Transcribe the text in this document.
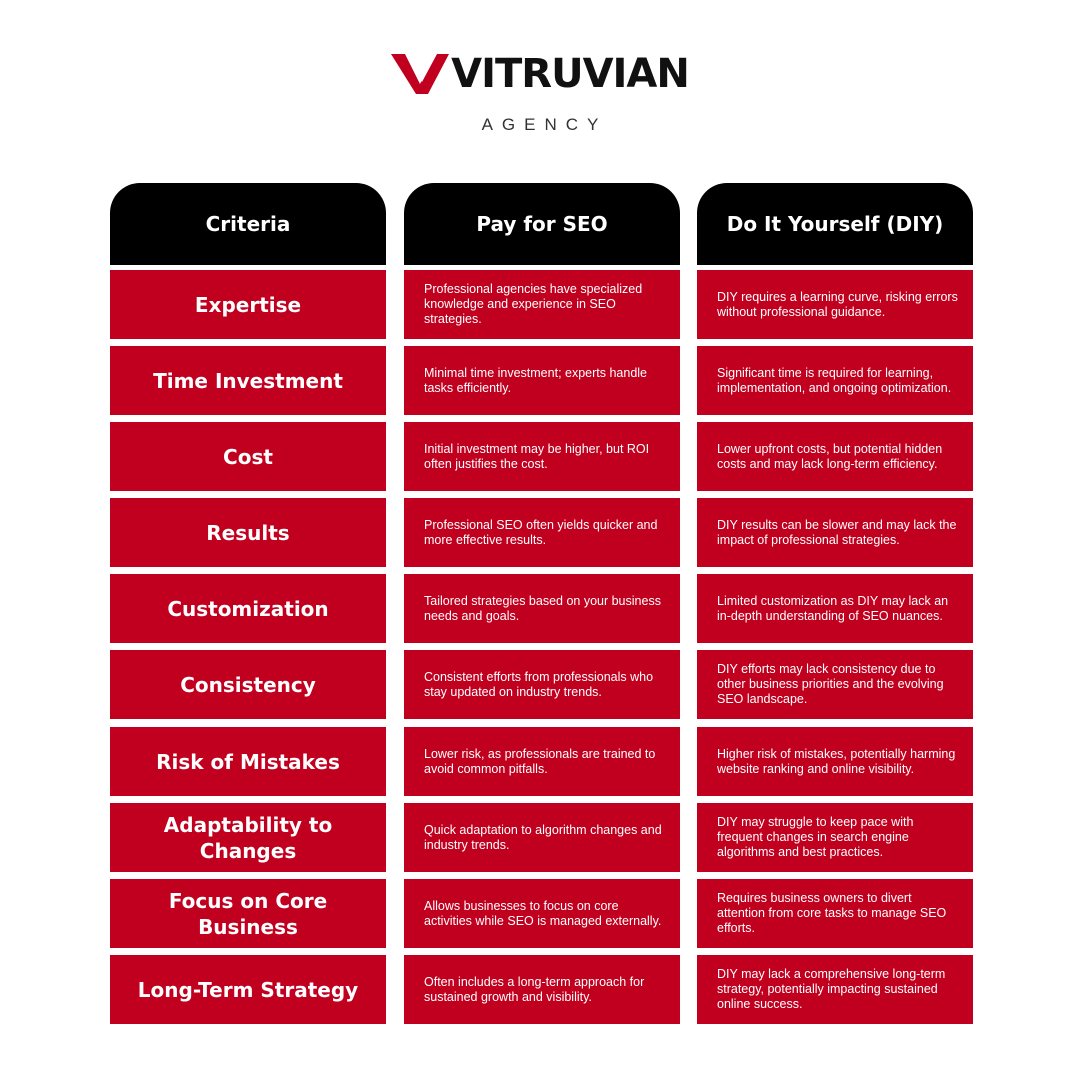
VITRUVIAN
AGENCY
Criteria
Expertise
Time Investment
Cost
Results
Customization
Consistency
Risk of Mistakes
Adaptability to Changes
Focus on Core Business
Long-Term Strategy
Pay for SEO
Professional agencies have specialized knowledge and experience in SEO strategies.
Minimal time investment; experts handle tasks efficiently.
Initial investment may be higher, but ROI often justifies the cost.
Professional SEO often yields quicker and more effective results.
Tailored strategies based on your business needs and goals.
Consistent efforts from professionals who stay updated on industry trends.
Lower risk, as professionals are trained to avoid common pitfalls.
Quick adaptation to algorithm changes and industry trends.
Allows businesses to focus on core activities while SEO is managed externally.
Often includes a long-term approach for sustained growth and visibility.
Do It Yourself (DIY)
DIY requires a learning curve, risking errors without professional guidance.
Significant time is required for learning, implementation, and ongoing optimization.
Lower upfront costs, but potential hidden costs and may lack long-term efficiency.
DIY results can be slower and may lack the impact of professional strategies.
Limited customization as DIY may lack an in-depth understanding of SEO nuances.
DIY efforts may lack consistency due to other business priorities and the evolving SEO landscape.
Higher risk of mistakes, potentially harming website ranking and online visibility.
DIY may struggle to keep pace with frequent changes in search engine algorithms and best practices.
Requires business owners to divert attention from core tasks to manage SEO efforts.
DIY may lack a comprehensive long-term strategy, potentially impacting sustained online success.
